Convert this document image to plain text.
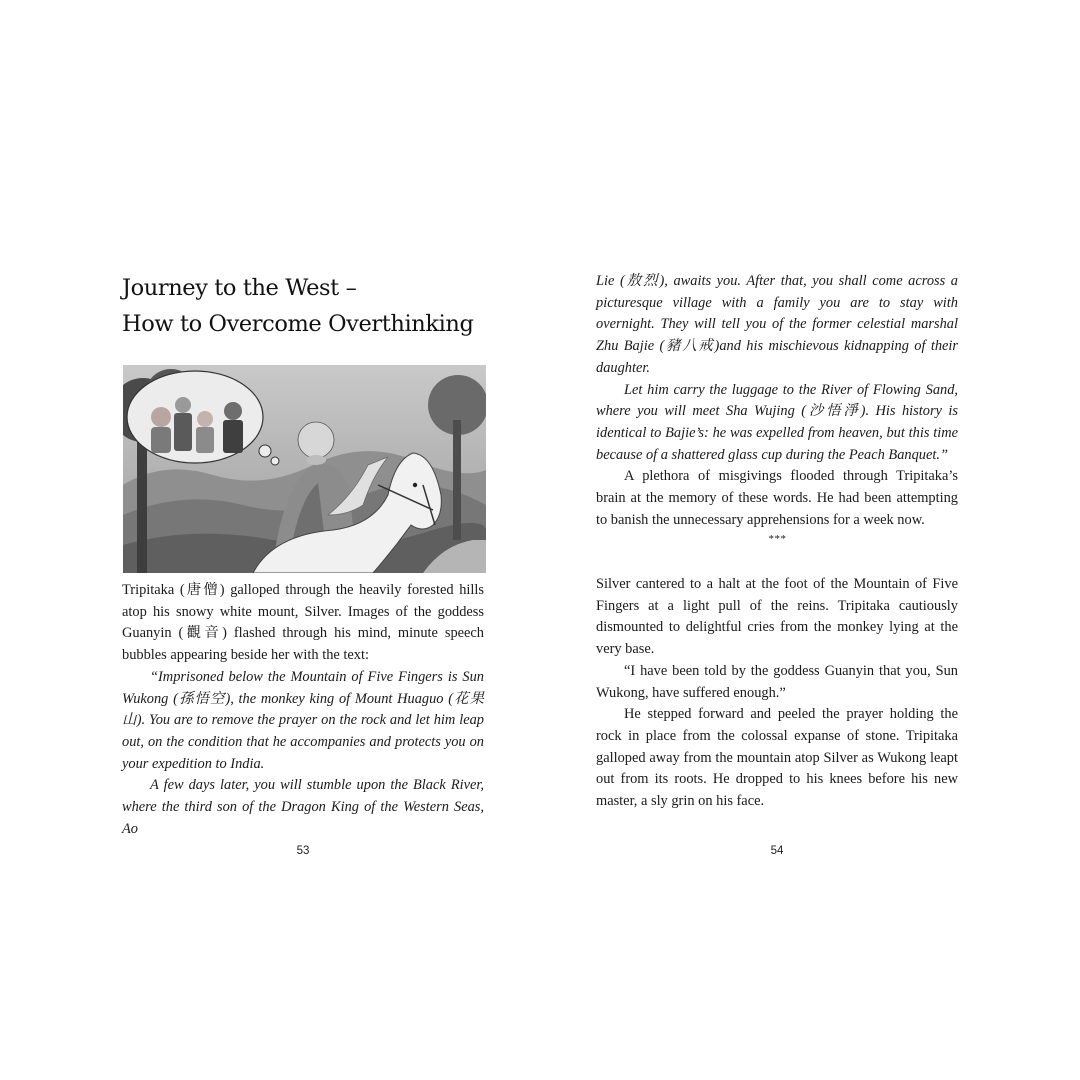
Journey to the West –
How to Overcome Overthinking

Tripitaka (唐僧) galloped through the heavily forested hills atop his snowy white mount, Silver. Images of the goddess Guanyin (觀音) flashed through his mind, minute speech bubbles appearing beside her with the text:

“Imprisoned below the Mountain of Five Fingers is Sun Wukong (孫悟空), the monkey king of Mount Huaguo (花果山). You are to remove the prayer on the rock and let him leap out, on the condition that he accompanies and protects you on your expedition to India.

A few days later, you will stumble upon the Black River, where the third son of the Dragon King of the Western Seas, Ao

53

Lie (敖烈), awaits you. After that, you shall come across a picturesque village with a family you are to stay with overnight. They will tell you of the former celestial marshal Zhu Bajie (豬八戒)and his mischievous kidnapping of their daughter.

Let him carry the luggage to the River of Flowing Sand, where you will meet Sha Wujing (沙悟淨). His history is identical to Bajie’s: he was expelled from heaven, but this time because of a shattered glass cup during the Peach Banquet.”

A plethora of misgivings flooded through Tripitaka’s brain at the memory of these words. He had been attempting to banish the unnecessary apprehensions for a week now.

***

Silver cantered to a halt at the foot of the Mountain of Five Fingers at a light pull of the reins. Tripitaka cautiously dismounted to delightful cries from the monkey lying at the very base.

“I have been told by the goddess Guanyin that you, Sun Wukong, have suffered enough.”

He stepped forward and peeled the prayer holding the rock in place from the colossal expanse of stone. Tripitaka galloped away from the mountain atop Silver as Wukong leapt out from its roots. He dropped to his knees before his new master, a sly grin on his face.

54
